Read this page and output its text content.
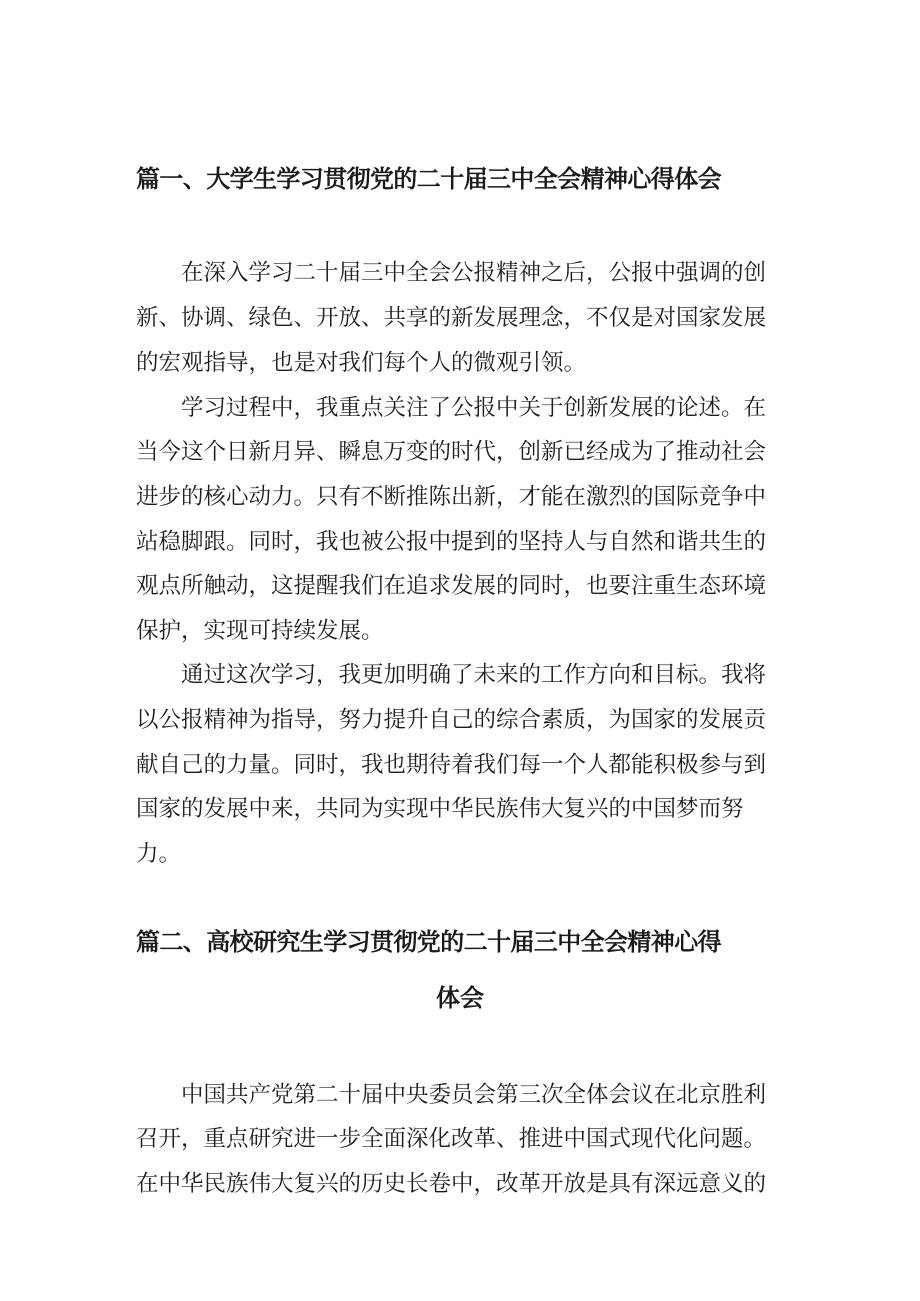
篇一、大学生学习贯彻党的二十届三中全会精神心得体会
在深入学习二十届三中全会公报精神之后，公报中强调的创
新、协调、绿色、开放、共享的新发展理念，不仅是对国家发展
的宏观指导，也是对我们每个人的微观引领。
学习过程中，我重点关注了公报中关于创新发展的论述。在
当今这个日新月异、瞬息万变的时代，创新已经成为了推动社会
进步的核心动力。只有不断推陈出新，才能在激烈的国际竞争中
站稳脚跟。同时，我也被公报中提到的坚持人与自然和谐共生的
观点所触动，这提醒我们在追求发展的同时，也要注重生态环境
保护，实现可持续发展。
通过这次学习，我更加明确了未来的工作方向和目标。我将
以公报精神为指导，努力提升自己的综合素质，为国家的发展贡
献自己的力量。同时，我也期待着我们每一个人都能积极参与到
国家的发展中来，共同为实现中华民族伟大复兴的中国梦而努
力。
篇二、高校研究生学习贯彻党的二十届三中全会精神心得
体会
中国共产党第二十届中央委员会第三次全体会议在北京胜利
召开，重点研究进一步全面深化改革、推进中国式现代化问题。
在中华民族伟大复兴的历史长卷中，改革开放是具有深远意义的
